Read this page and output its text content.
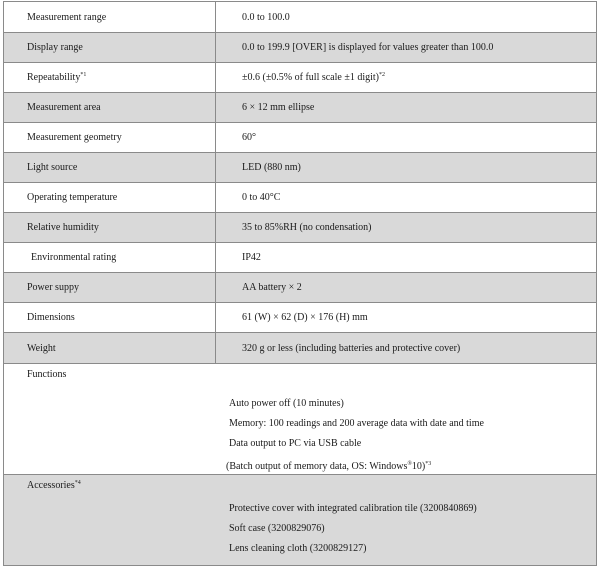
Measurement range	0.0 to 100.0
Display range	0.0 to 199.9 [OVER] is displayed for values greater than 100.0
Repeatability$^{*1}$	±0.6 (±0.5% of full scale ±1 digit)$^{*2}$
Measurement area	6 × 12 mm ellipse
Measurement geometry	60°
Light source	LED (880 nm)
Operating temperature	0 to 40°C
Relative humidity	35 to 85%RH (no condensation)
Environmental rating	IP42
Power suppy	AA battery × 2
Dimensions	61 (W) × 62 (D) × 176 (H) mm
Weight	320 g or less (including batteries and protective cover)

Functions
Auto power off (10 minutes)
Memory: 100 readings and 200 average data with date and time
Data output to PC via USB cable
(Batch output of memory data, OS: Windows®10)$^{*3}$

Accessories$^{*4}$
Protective cover with integrated calibration tile (3200840869)
Soft case (3200829076)
Lens cleaning cloth (3200829127)	
